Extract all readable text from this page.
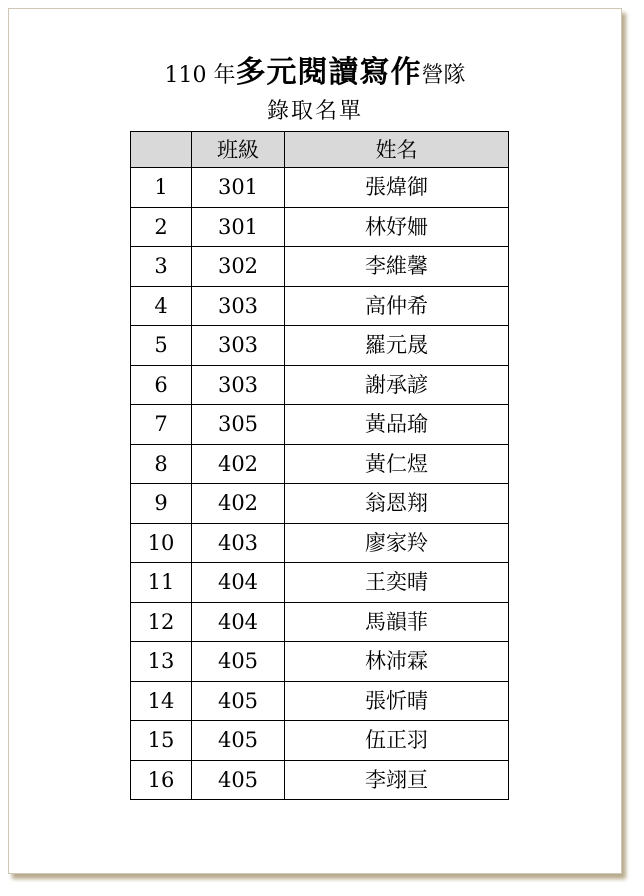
110 年多元閱讀寫作營隊
錄取名單
	班級	姓名
1	301	張煒御
2	301	林妤姍
3	302	李維馨
4	303	高仲希
5	303	羅元晟
6	303	謝承諺
7	305	黃品瑜
8	402	黃仁煜
9	402	翁恩翔
10	403	廖家羚
11	404	王奕晴
12	404	馬韻菲
13	405	林沛霖
14	405	張忻晴
15	405	伍正羽
16	405	李翊亘
